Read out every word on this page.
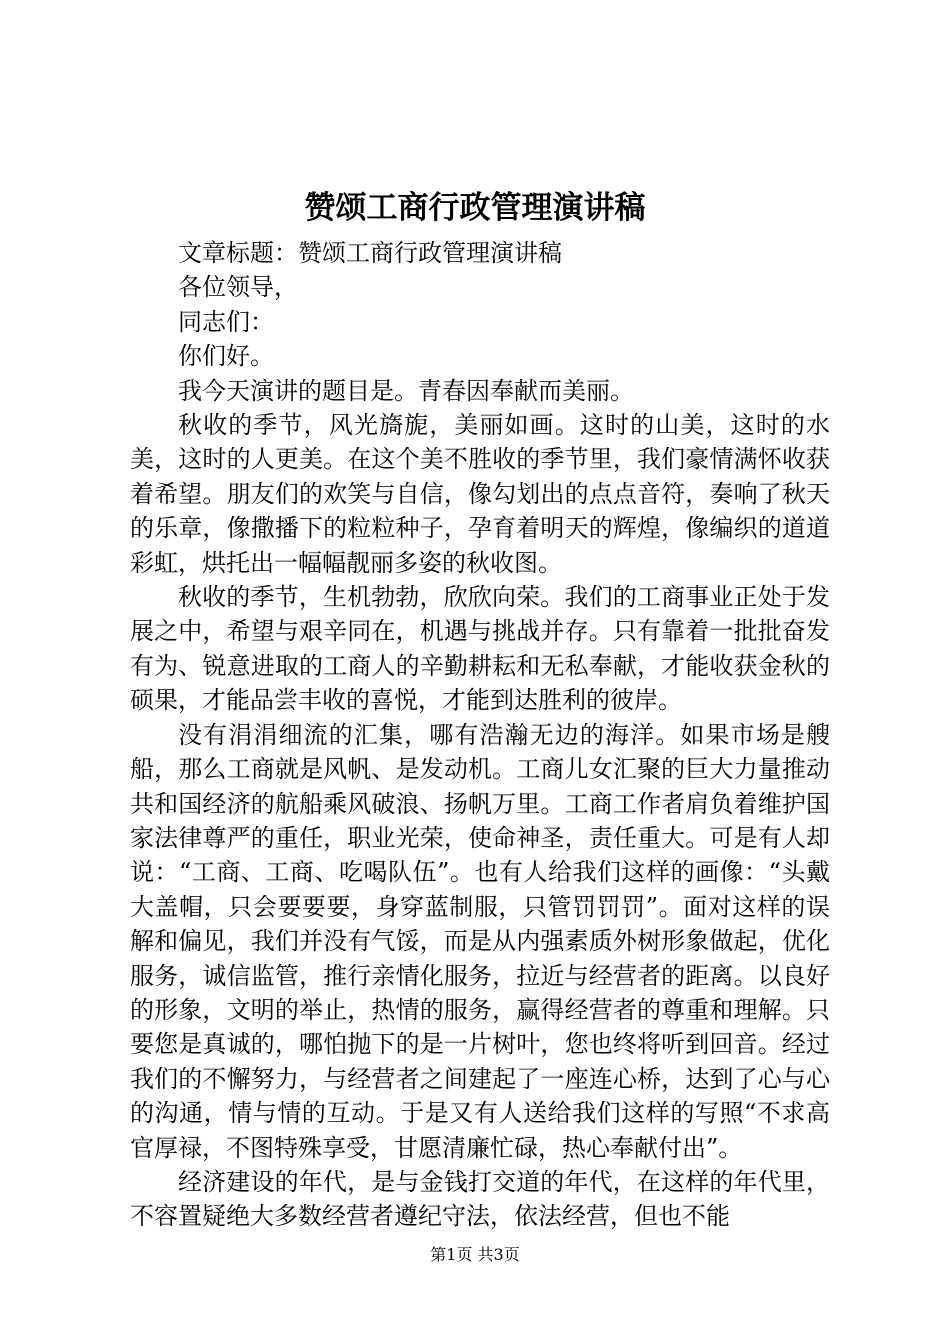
赞颂工商行政管理演讲稿

文章标题：赞颂工商行政管理演讲稿

各位领导，

同志们：

你们好。

我今天演讲的题目是。青春因奉献而美丽。

秋收的季节，风光旖旎，美丽如画。这时的山美，这时的水美，这时的人更美。在这个美不胜收的季节里，我们豪情满怀收获着希望。朋友们的欢笑与自信，像勾划出的点点音符，奏响了秋天的乐章，像撒播下的粒粒种子，孕育着明天的辉煌，像编织的道道彩虹，烘托出一幅幅靓丽多姿的秋收图。

秋收的季节，生机勃勃，欣欣向荣。我们的工商事业正处于发展之中，希望与艰辛同在，机遇与挑战并存。只有靠着一批批奋发有为、锐意进取的工商人的辛勤耕耘和无私奉献，才能收获金秋的硕果，才能品尝丰收的喜悦，才能到达胜利的彼岸。

没有涓涓细流的汇集，哪有浩瀚无边的海洋。如果市场是艘船，那么工商就是风帆、是发动机。工商儿女汇聚的巨大力量推动共和国经济的航船乘风破浪、扬帆万里。工商工作者肩负着维护国家法律尊严的重任，职业光荣，使命神圣，责任重大。可是有人却说：“工商、工商、吃喝队伍”。也有人给我们这样的画像：“头戴大盖帽，只会要要要，身穿蓝制服，只管罚罚罚”。面对这样的误解和偏见，我们并没有气馁，而是从内强素质外树形象做起，优化服务，诚信监管，推行亲情化服务，拉近与经营者的距离。以良好的形象，文明的举止，热情的服务，赢得经营者的尊重和理解。只要您是真诚的，哪怕抛下的是一片树叶，您也终将听到回音。经过我们的不懈努力，与经营者之间建起了一座连心桥，达到了心与心的沟通，情与情的互动。于是又有人送给我们这样的写照“不求高官厚禄，不图特殊享受，甘愿清廉忙碌，热心奉献付出”。

经济建设的年代，是与金钱打交道的年代，在这样的年代里，不容置疑绝大多数经营者遵纪守法，依法经营，但也不能

第1页 共3页
